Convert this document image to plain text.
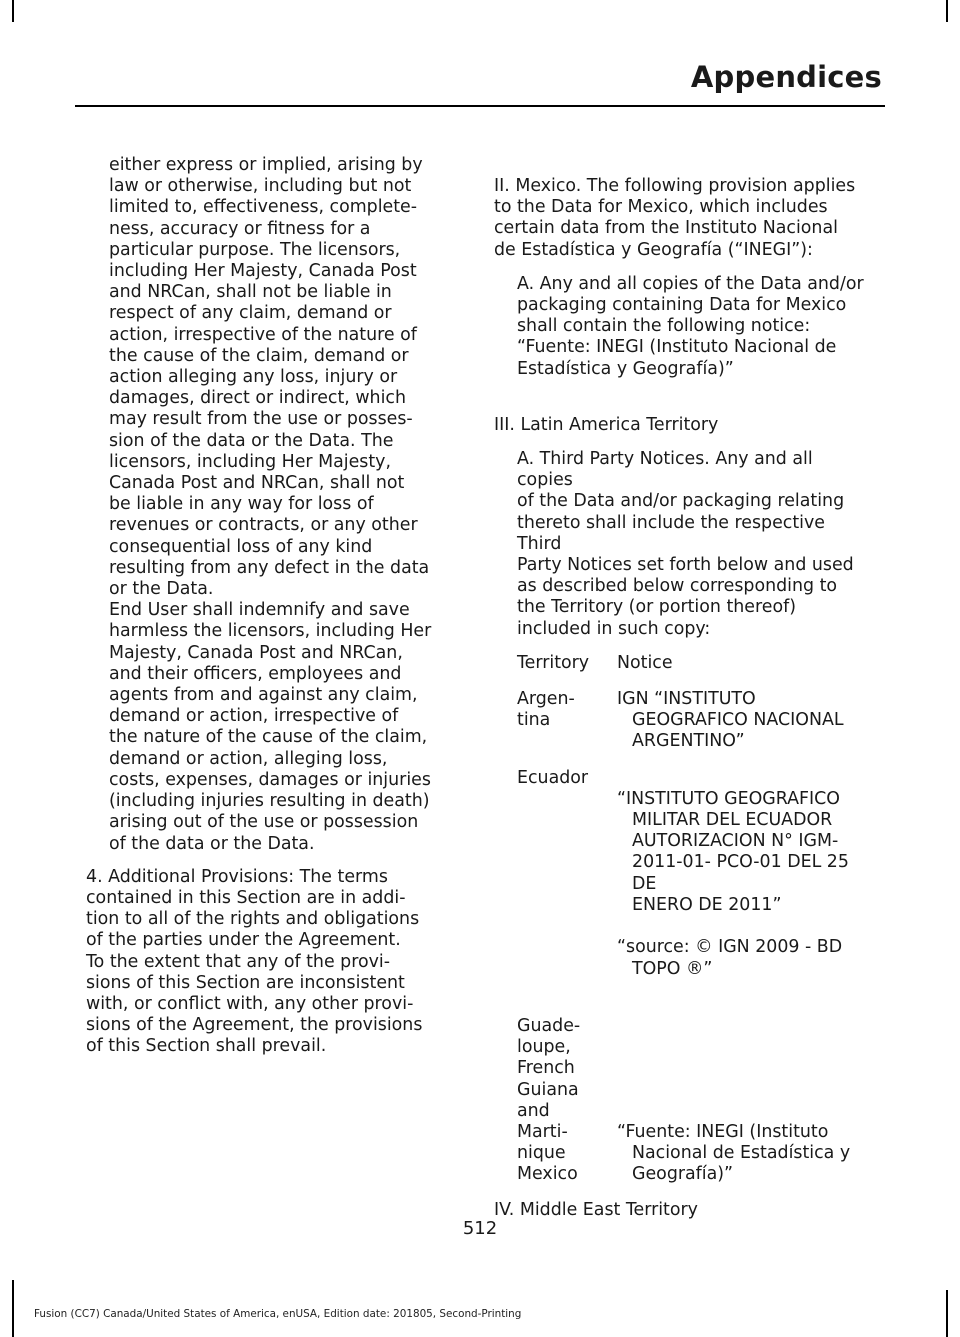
Appendices

either express or implied, arising by
law or otherwise, including but not
limited to, effectiveness, complete-
ness, accuracy or fitness for a
particular purpose. The licensors,
including Her Majesty, Canada Post
and NRCan, shall not be liable in
respect of any claim, demand or
action, irrespective of the nature of
the cause of the claim, demand or
action alleging any loss, injury or
damages, direct or indirect, which
may result from the use or posses-
sion of the data or the Data. The
licensors, including Her Majesty,
Canada Post and NRCan, shall not
be liable in any way for loss of
revenues or contracts, or any other
consequential loss of any kind
resulting from any defect in the data
or the Data.

End User shall indemnify and save
harmless the licensors, including Her
Majesty, Canada Post and NRCan,
and their officers, employees and
agents from and against any claim,
demand or action, irrespective of
the nature of the cause of the claim,
demand or action, alleging loss,
costs, expenses, damages or injuries
(including injuries resulting in death)
arising out of the use or possession
of the data or the Data.

4. Additional Provisions: The terms
contained in this Section are in addi-
tion to all of the rights and obligations
of the parties under the Agreement.
To the extent that any of the provi-
sions of this Section are inconsistent
with, or conflict with, any other provi-
sions of the Agreement, the provisions
of this Section shall prevail.

II. Mexico. The following provision applies
to the Data for Mexico, which includes
certain data from the Instituto Nacional
de Estadística y Geografía (“INEGI”):

A. Any and all copies of the Data and/or
packaging containing Data for Mexico
shall contain the following notice:
“Fuente: INEGI (Instituto Nacional de
Estadística y Geografía)”

III. Latin America Territory

A. Third Party Notices. Any and all copies
of the Data and/or packaging relating
thereto shall include the respective Third
Party Notices set forth below and used
as described below corresponding to
the Territory (or portion thereof)
included in such copy:

Territory	Notice
Argen-
tina
IGN “INSTITUTO
GEOGRAFICO NACIONAL
ARGENTINO”
Ecuador

“INSTITUTO GEOGRAFICO
MILITAR DEL ECUADOR
AUTORIZACION N° IGM-
2011-01- PCO-01 DEL 25 DE
ENERO DE 2011”

“source: © IGN 2009 - BD
TOPO ®”

Guade-
loupe,
French
Guiana
and
Marti-
nique
Mexico
“Fuente: INEGI (Instituto
Nacional de Estadística y
Geografía)”

IV. Middle East Territory

512
Fusion (CC7) Canada/United States of America, enUSA, Edition date: 201805, Second-Printing
